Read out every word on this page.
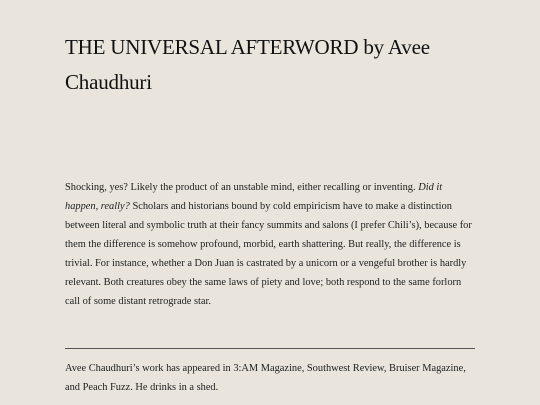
THE UNIVERSAL AFTERWORD by Avee Chaudhuri

Shocking, yes? Likely the product of an unstable mind, either recalling or inventing. Did it happen, really? Scholars and historians bound by cold empiricism have to make a distinction between literal and symbolic truth at their fancy summits and salons (I prefer Chili’s), because for them the difference is somehow profound, morbid, earth shattering. But really, the difference is trivial. For instance, whether a Don Juan is castrated by a unicorn or a vengeful brother is hardly relevant. Both creatures obey the same laws of piety and love; both respond to the same forlorn call of some distant retrograde star.

Avee Chaudhuri’s work has appeared in 3:AM Magazine, Southwest Review, Bruiser Magazine, and Peach Fuzz. He drinks in a shed.
